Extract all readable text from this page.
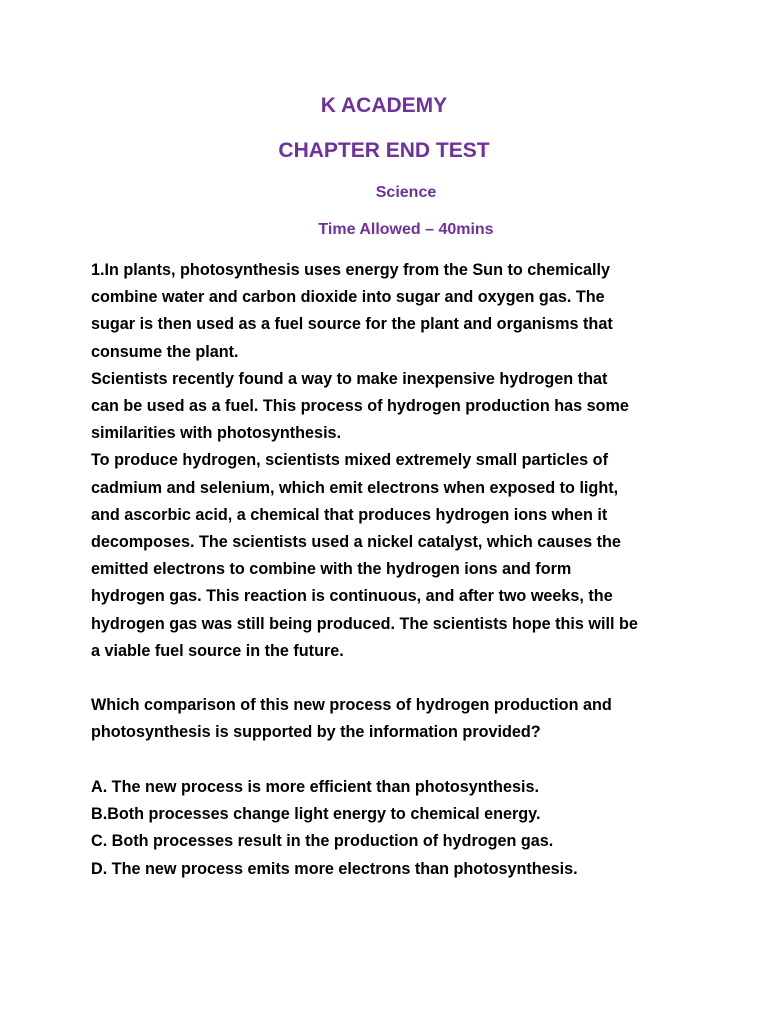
K ACADEMY
CHAPTER END TEST
Science
Time Allowed – 40mins

1.In plants, photosynthesis uses energy from the Sun to chemically

combine water and carbon dioxide into sugar and oxygen gas. The

sugar is then used as a fuel source for the plant and organisms that

consume the plant.

Scientists recently found a way to make inexpensive hydrogen that

can be used as a fuel. This process of hydrogen production has some

similarities with photosynthesis.

To produce hydrogen, scientists mixed extremely small particles of

cadmium and selenium, which emit electrons when exposed to light,

and ascorbic acid, a chemical that produces hydrogen ions when it

decomposes. The scientists used a nickel catalyst, which causes the

emitted electrons to combine with the hydrogen ions and form

hydrogen gas. This reaction is continuous, and after two weeks, the

hydrogen gas was still being produced. The scientists hope this will be

a viable fuel source in the future.

Which comparison of this new process of hydrogen production and

photosynthesis is supported by the information provided?

A. The new process is more efficient than photosynthesis.

B.Both processes change light energy to chemical energy.

C. Both processes result in the production of hydrogen gas.

D. The new process emits more electrons than photosynthesis.
